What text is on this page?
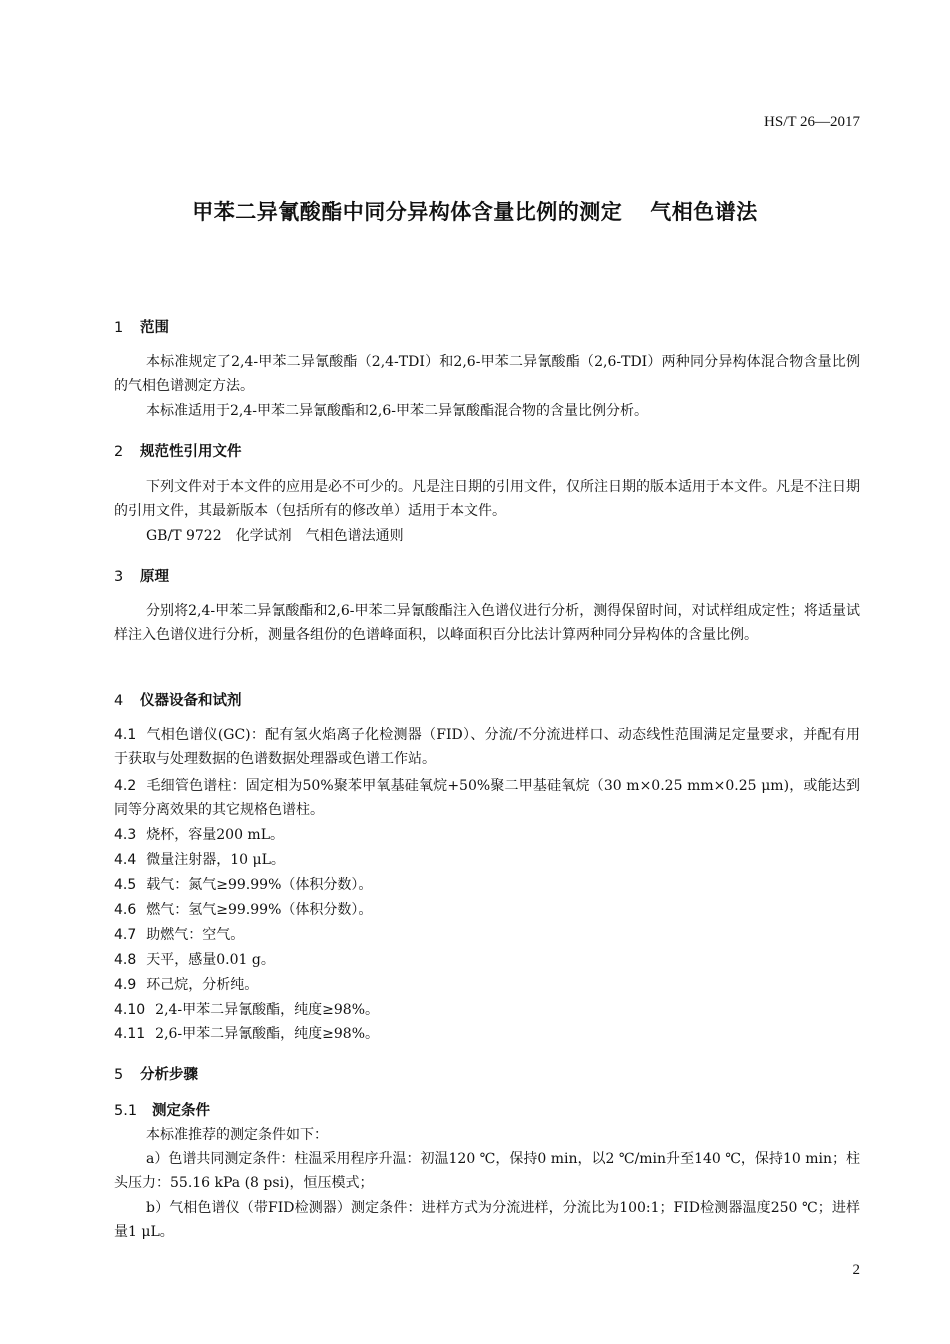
HS/T 26—2017
甲苯二异氰酸酯中同分异构体含量比例的测定 气相色谱法
1 范围
本标准规定了2,4-甲苯二异氰酸酯（2,4-TDI）和2,6-甲苯二异氰酸酯（2,6-TDI）两种同分异构体混合物含量比例的气相色谱测定方法。
本标准适用于2,4-甲苯二异氰酸酯和2,6-甲苯二异氰酸酯混合物的含量比例分析。
2 规范性引用文件
下列文件对于本文件的应用是必不可少的。凡是注日期的引用文件，仅所注日期的版本适用于本文件。凡是不注日期的引用文件，其最新版本（包括所有的修改单）适用于本文件。
GB/T 9722　化学试剂　气相色谱法通则
3 原理
分别将2,4-甲苯二异氰酸酯和2,6-甲苯二异氰酸酯注入色谱仪进行分析，测得保留时间，对试样组成定性；将适量试样注入色谱仪进行分析，测量各组份的色谱峰面积，以峰面积百分比法计算两种同分异构体的含量比例。
4 仪器设备和试剂
4.1 气相色谱仪(GC)：配有氢火焰离子化检测器（FID）、分流/不分流进样口、动态线性范围满足定量要求，并配有用于获取与处理数据的色谱数据处理器或色谱工作站。
4.2 毛细管色谱柱：固定相为50%聚苯甲氧基硅氧烷+50%聚二甲基硅氧烷（30 m×0.25 mm×0.25 μm)，或能达到同等分离效果的其它规格色谱柱。
4.3 烧杯，容量200 mL。
4.4 微量注射器，10 μL。
4.5 载气：氮气≥99.99%（体积分数）。
4.6 燃气：氢气≥99.99%（体积分数）。
4.7 助燃气：空气。
4.8 天平，感量0.01 g。
4.9 环己烷，分析纯。
4.10 2,4-甲苯二异氰酸酯，纯度≥98%。
4.11 2,6-甲苯二异氰酸酯，纯度≥98%。
5 分析步骤
5.1 测定条件
本标准推荐的测定条件如下：
a）色谱共同测定条件：柱温采用程序升温：初温120 ℃，保持0 min，以2 ℃/min升至140 ℃，保持10 min；柱头压力：55.16 kPa (8 psi)，恒压模式；
b）气相色谱仪（带FID检测器）测定条件：进样方式为分流进样，分流比为100:1；FID检测器温度250 ℃；进样量1 μL。
2
